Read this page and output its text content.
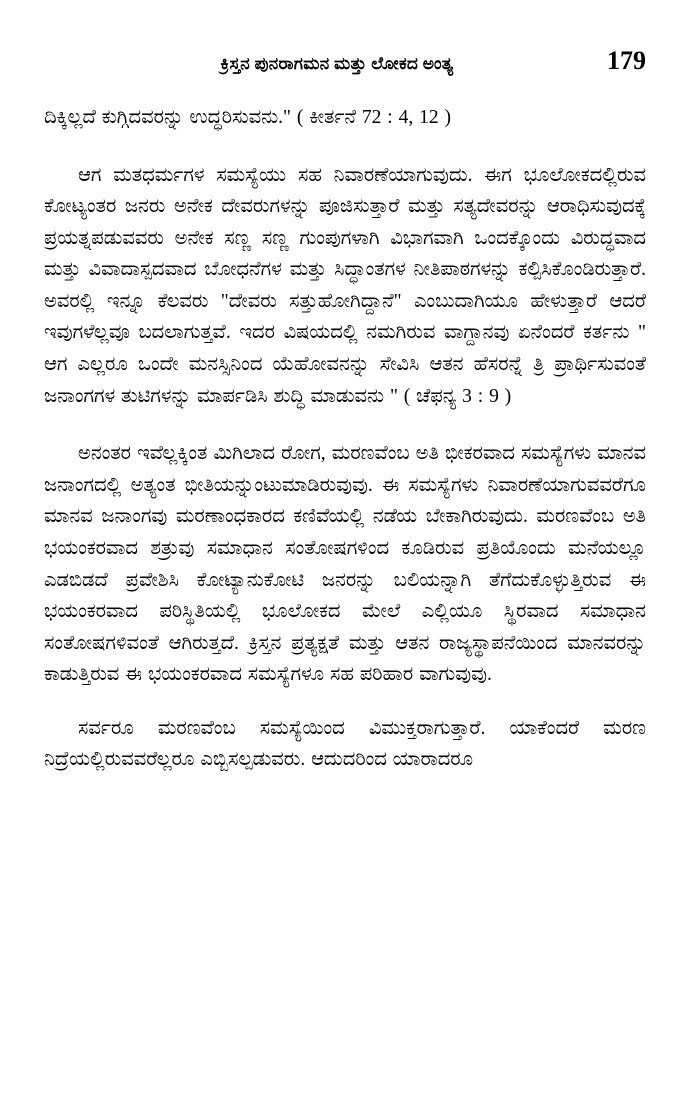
ಕ್ರಿಸ್ತನ ಪುನರಾಗಮನ ಮತ್ತು ಲೋಕದ ಅಂತ್ಯ	179

ದಿಕ್ಕಿಲ್ಲದೆ ಕುಗ್ಗಿದವರನ್ನು ಉದ್ಧರಿಸುವನು." ( ಕೀರ್ತನೆ 72 : 4, 12 )

ಆಗ ಮತಧರ್ಮಗಳ ಸಮಸ್ಯೆಯು ಸಹ ನಿವಾರಣೆಯಾಗುವುದು. ಈಗ ಭೂಲೋಕದಲ್ಲಿರುವ ಕೋಟ್ಯಂತರ ಜನರು ಅನೇಕ ದೇವರುಗಳನ್ನು ಪೂಜಿಸುತ್ತಾರೆ ಮತ್ತು ಸತ್ಯದೇವರನ್ನು ಆರಾಧಿಸುವುದಕ್ಕೆ ಪ್ರಯತ್ನಪಡುವವರು ಅನೇಕ ಸಣ್ಣ ಸಣ್ಣ ಗುಂಪುಗಳಾಗಿ ವಿಭಾಗವಾಗಿ ಒಂದಕ್ಕೊಂದು ವಿರುದ್ಧವಾದ ಮತ್ತು ವಿವಾದಾಸ್ಪದವಾದ ಬೋಧನೆಗಳ ಮತ್ತು ಸಿದ್ಧಾಂತಗಳ ನೀತಿಪಾಠಗಳನ್ನು ಕಲ್ಪಿಸಿಕೊಂಡಿರುತ್ತಾರೆ. ಅವರಲ್ಲಿ ಇನ್ನೂ ಕೆಲವರು "ದೇವರು ಸತ್ತುಹೋಗಿದ್ದಾನೆ" ಎಂಬುದಾಗಿಯೂ ಹೇಳುತ್ತಾರೆ ಆದರೆ ಇವುಗಳೆಲ್ಲವೂ ಬದಲಾಗುತ್ತವೆ. ಇದರ ವಿಷಯದಲ್ಲಿ ನಮಗಿರುವ ವಾಗ್ದಾನವು ಏನೆಂದರೆ ಕರ್ತನು " ಆಗ ಎಲ್ಲರೂ ಒಂದೇ ಮನಸ್ಸಿನಿಂದ ಯೆಹೋವನನ್ನು ಸೇವಿಸಿ ಆತನ ಹೆಸರನ್ನೆ ತ್ರಿ ಪ್ರಾರ್ಥಿಸುವಂತೆ ಜನಾಂಗಗಳ ತುಟಿಗಳನ್ನು ಮಾರ್ಪಡಿಸಿ ಶುದ್ಧಿ ಮಾಡುವನು " ( ಚೆಫನ್ಯ 3 : 9 )

ಅನಂತರ ಇವೆಲ್ಲಕ್ಕಿಂತ ಮಿಗಿಲಾದ ರೋಗ, ಮರಣವೆಂಬ ಅತಿ ಭೀಕರವಾದ ಸಮಸ್ಯೆಗಳು ಮಾನವ ಜನಾಂಗದಲ್ಲಿ ಅತ್ಯಂತ ಭೀತಿಯನ್ನುಂಟುಮಾಡಿರುವುವು. ಈ ಸಮಸ್ಯೆಗಳು ನಿವಾರಣೆಯಾಗುವವರೆಗೂ ಮಾನವ ಜನಾಂಗವು ಮರಣಾಂಧಕಾರದ ಕಣಿವೆಯಲ್ಲಿ ನಡೆಯ ಬೇಕಾಗಿರುವುದು. ಮರಣವೆಂಬ ಅತಿ ಭಯಂಕರವಾದ ಶತ್ರುವು ಸಮಾಧಾನ ಸಂತೋಷಗಳಿಂದ ಕೂಡಿರುವ ಪ್ರತಿಯೊಂದು ಮನೆಯಲ್ಲೂ ಎಡಬಿಡದೆ ಪ್ರವೇಶಿಸಿ ಕೋಟ್ಯಾನುಕೋಟಿ ಜನರನ್ನು ಬಲಿಯನ್ನಾಗಿ ತೆಗೆದುಕೊಳ್ಳುತ್ತಿರುವ ಈ ಭಯಂಕರವಾದ ಪರಿಸ್ಥಿತಿಯಲ್ಲಿ ಭೂಲೋಕದ ಮೇಲೆ ಎಲ್ಲಿಯೂ ಸ್ಥಿರವಾದ ಸಮಾಧಾನ ಸಂತೋಷಗಳಿವಂತೆ ಆಗಿರುತ್ತದೆ. ಕ್ರಿಸ್ತನ ಪ್ರತ್ಯಕ್ಷತೆ ಮತ್ತು ಆತನ ರಾಜ್ಯಸ್ಥಾಪನೆಯಿಂದ ಮಾನವರನ್ನು ಕಾಡುತ್ತಿರುವ ಈ ಭಯಂಕರವಾದ ಸಮಸ್ಯೆಗಳೂ ಸಹ ಪರಿಹಾರ ವಾಗುವುವು.

ಸರ್ವರೂ ಮರಣವೆಂಬ ಸಮಸ್ಯೆಯಿಂದ ವಿಮುಕ್ತರಾಗುತ್ತಾರೆ. ಯಾಕೆಂದರೆ ಮರಣ ನಿದ್ರೆಯಲ್ಲಿರುವವರೆಲ್ಲರೂ ಎಬ್ಬಿಸಲ್ಪಡುವರು. ಆದುದರಿಂದ ಯಾರಾದರೂ
